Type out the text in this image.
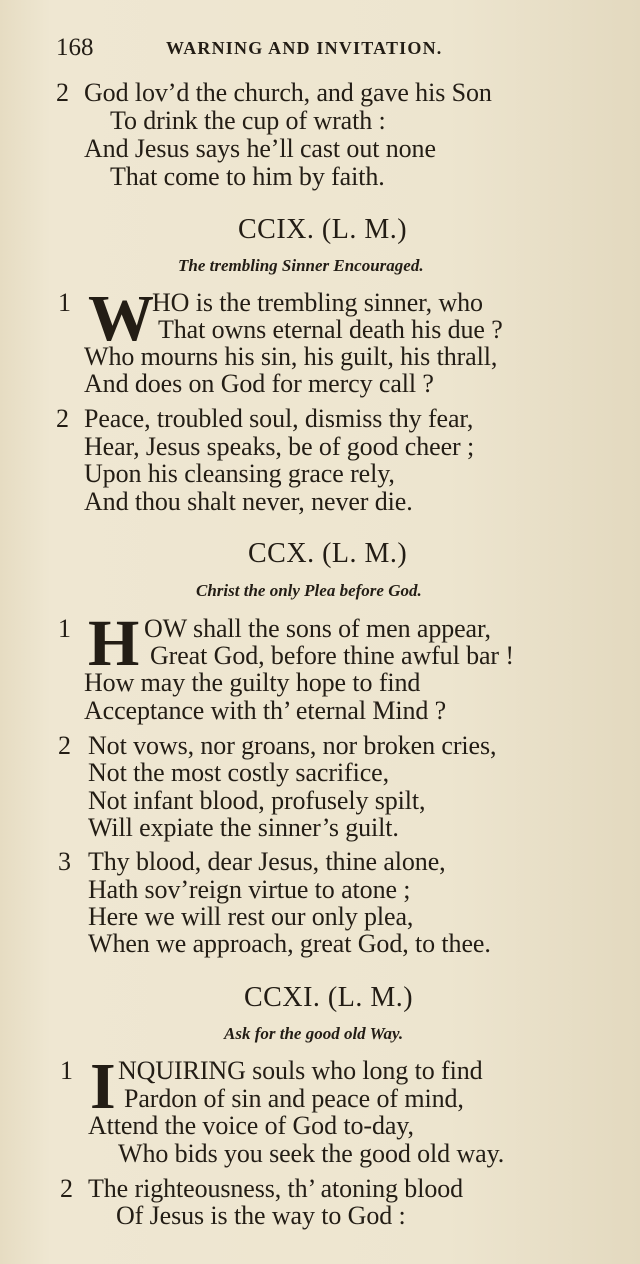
168	WARNING AND INVITATION.
2 God lov’d the church, and gave his Son
To drink the cup of wrath :
And Jesus says he’ll cast out none
That come to him by faith.
CCIX. (L. M.)
The trembling Sinner Encouraged.
1 W
HO is the trembling sinner, who
That owns eternal death his due ?
Who mourns his sin, his guilt, his thrall,
And does on God for mercy call ?
2 Peace, troubled soul, dismiss thy fear,
Hear, Jesus speaks, be of good cheer ;
Upon his cleansing grace rely,
And thou shalt never, never die.
CCX. (L. M.)
Christ the only Plea before God.
1 H OW shall the sons of men appear,
Great God, before thine awful bar !
How may the guilty hope to find
Acceptance with th’ eternal Mind ?
2 Not vows, nor groans, nor broken cries,
Not the most costly sacrifice,
Not infant blood, profusely spilt,
Will expiate the sinner’s guilt.
3 Thy blood, dear Jesus, thine alone,
Hath sov’reign virtue to atone ;
Here we will rest our only plea,
When we approach, great God, to thee.
CCXI. (L. M.)
Ask for the good old Way.
1 I NQUIRING souls who long to find
Pardon of sin and peace of mind,
Attend the voice of God to-day,
Who bids you seek the good old way.
2 The righteousness, th’ atoning blood
Of Jesus is the way to God :
